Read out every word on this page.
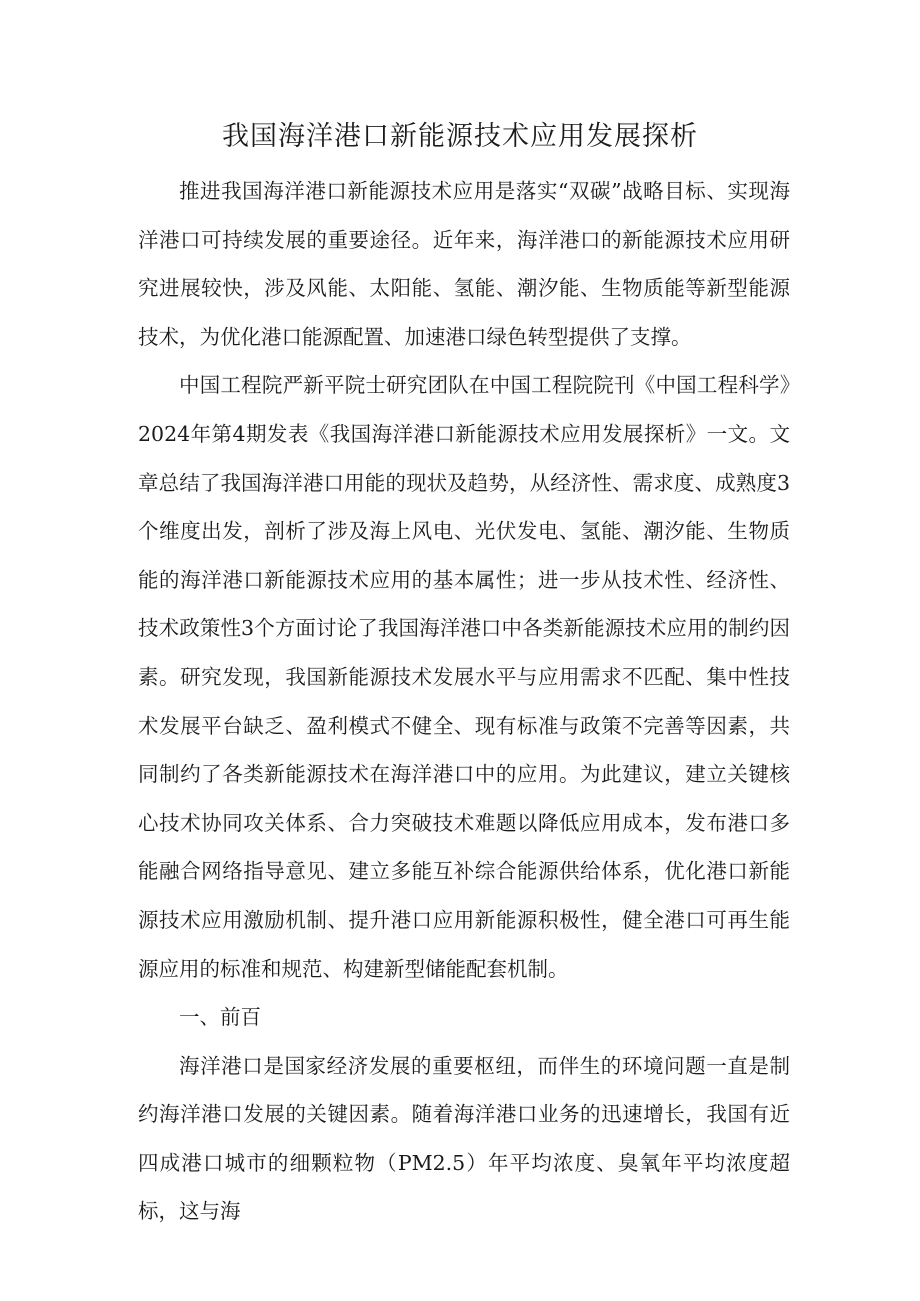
我国海洋港口新能源技术应用发展探析

推进我国海洋港口新能源技术应用是落实“双碳”战略目标、实现海洋港口可持续发展的重要途径。近年来，海洋港口的新能源技术应用研究进展较快，涉及风能、太阳能、氢能、潮汐能、生物质能等新型能源技术，为优化港口能源配置、加速港口绿色转型提供了支撑。

中国工程院严新平院士研究团队在中国工程院院刊《中国工程科学》2024年第4期发表《我国海洋港口新能源技术应用发展探析》一文。文章总结了我国海洋港口用能的现状及趋势，从经济性、需求度、成熟度3个维度出发，剖析了涉及海上风电、光伏发电、氢能、潮汐能、生物质能的海洋港口新能源技术应用的基本属性；进一步从技术性、经济性、技术政策性3个方面讨论了我国海洋港口中各类新能源技术应用的制约因素。研究发现，我国新能源技术发展水平与应用需求不匹配、集中性技术发展平台缺乏、盈利模式不健全、现有标准与政策不完善等因素，共同制约了各类新能源技术在海洋港口中的应用。为此建议，建立关键核心技术协同攻关体系、合力突破技术难题以降低应用成本，发布港口多能融合网络指导意见、建立多能互补综合能源供给体系，优化港口新能源技术应用激励机制、提升港口应用新能源积极性，健全港口可再生能源应用的标准和规范、构建新型储能配套机制。

一、前百

海洋港口是国家经济发展的重要枢纽，而伴生的环境问题一直是制约海洋港口发展的关键因素。随着海洋港口业务的迅速增长，我国有近四成港口城市的细颗粒物（PM2.5）年平均浓度、臭氧年平均浓度超标，这与海
